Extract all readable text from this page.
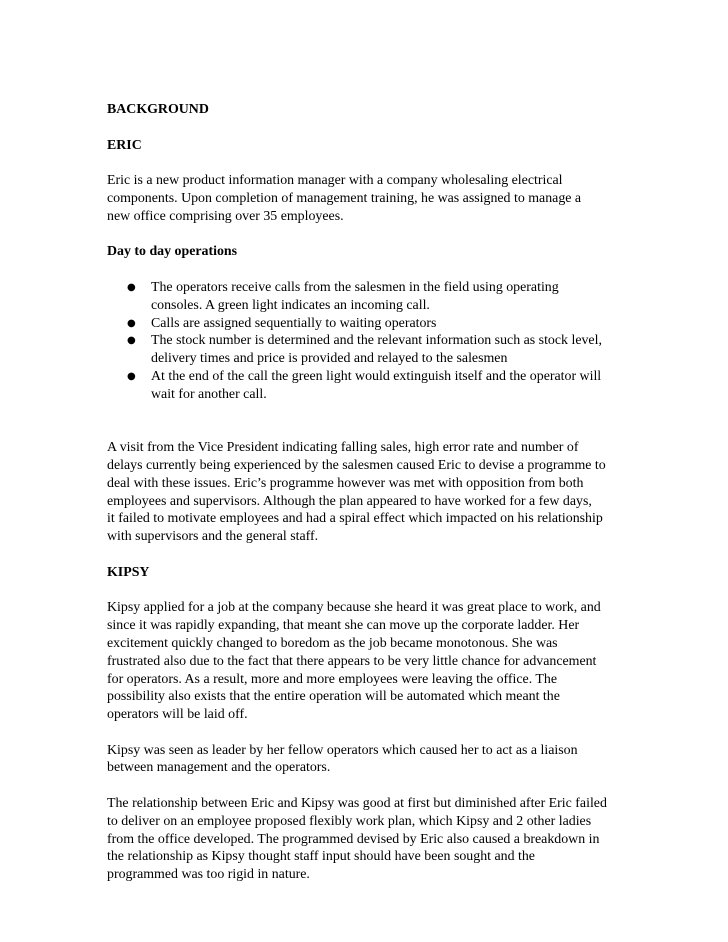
BACKGROUND
ERIC

Eric is a new product information manager with a company wholesaling electrical
components. Upon completion of management training, he was assigned to manage a
new office comprising over 35 employees.

Day to day operations
● The operators receive calls from the salesmen in the field using operating
consoles. A green light indicates an incoming call.
● Calls are assigned sequentially to waiting operators
● The stock number is determined and the relevant information such as stock level,
delivery times and price is provided and relayed to the salesmen
● At the end of the call the green light would extinguish itself and the operator will
wait for another call.

A visit from the Vice President indicating falling sales, high error rate and number of
delays currently being experienced by the salesmen caused Eric to devise a programme to
deal with these issues. Eric’s programme however was met with opposition from both
employees and supervisors. Although the plan appeared to have worked for a few days,
it failed to motivate employees and had a spiral effect which impacted on his relationship
with supervisors and the general staff.

KIPSY

Kipsy applied for a job at the company because she heard it was great place to work, and
since it was rapidly expanding, that meant she can move up the corporate ladder. Her
excitement quickly changed to boredom as the job became monotonous. She was
frustrated also due to the fact that there appears to be very little chance for advancement
for operators. As a result, more and more employees were leaving the office. The
possibility also exists that the entire operation will be automated which meant the
operators will be laid off.

Kipsy was seen as leader by her fellow operators which caused her to act as a liaison
between management and the operators.

The relationship between Eric and Kipsy was good at first but diminished after Eric failed
to deliver on an employee proposed flexibly work plan, which Kipsy and 2 other ladies
from the office developed. The programmed devised by Eric also caused a breakdown in
the relationship as Kipsy thought staff input should have been sought and the
programmed was too rigid in nature.
